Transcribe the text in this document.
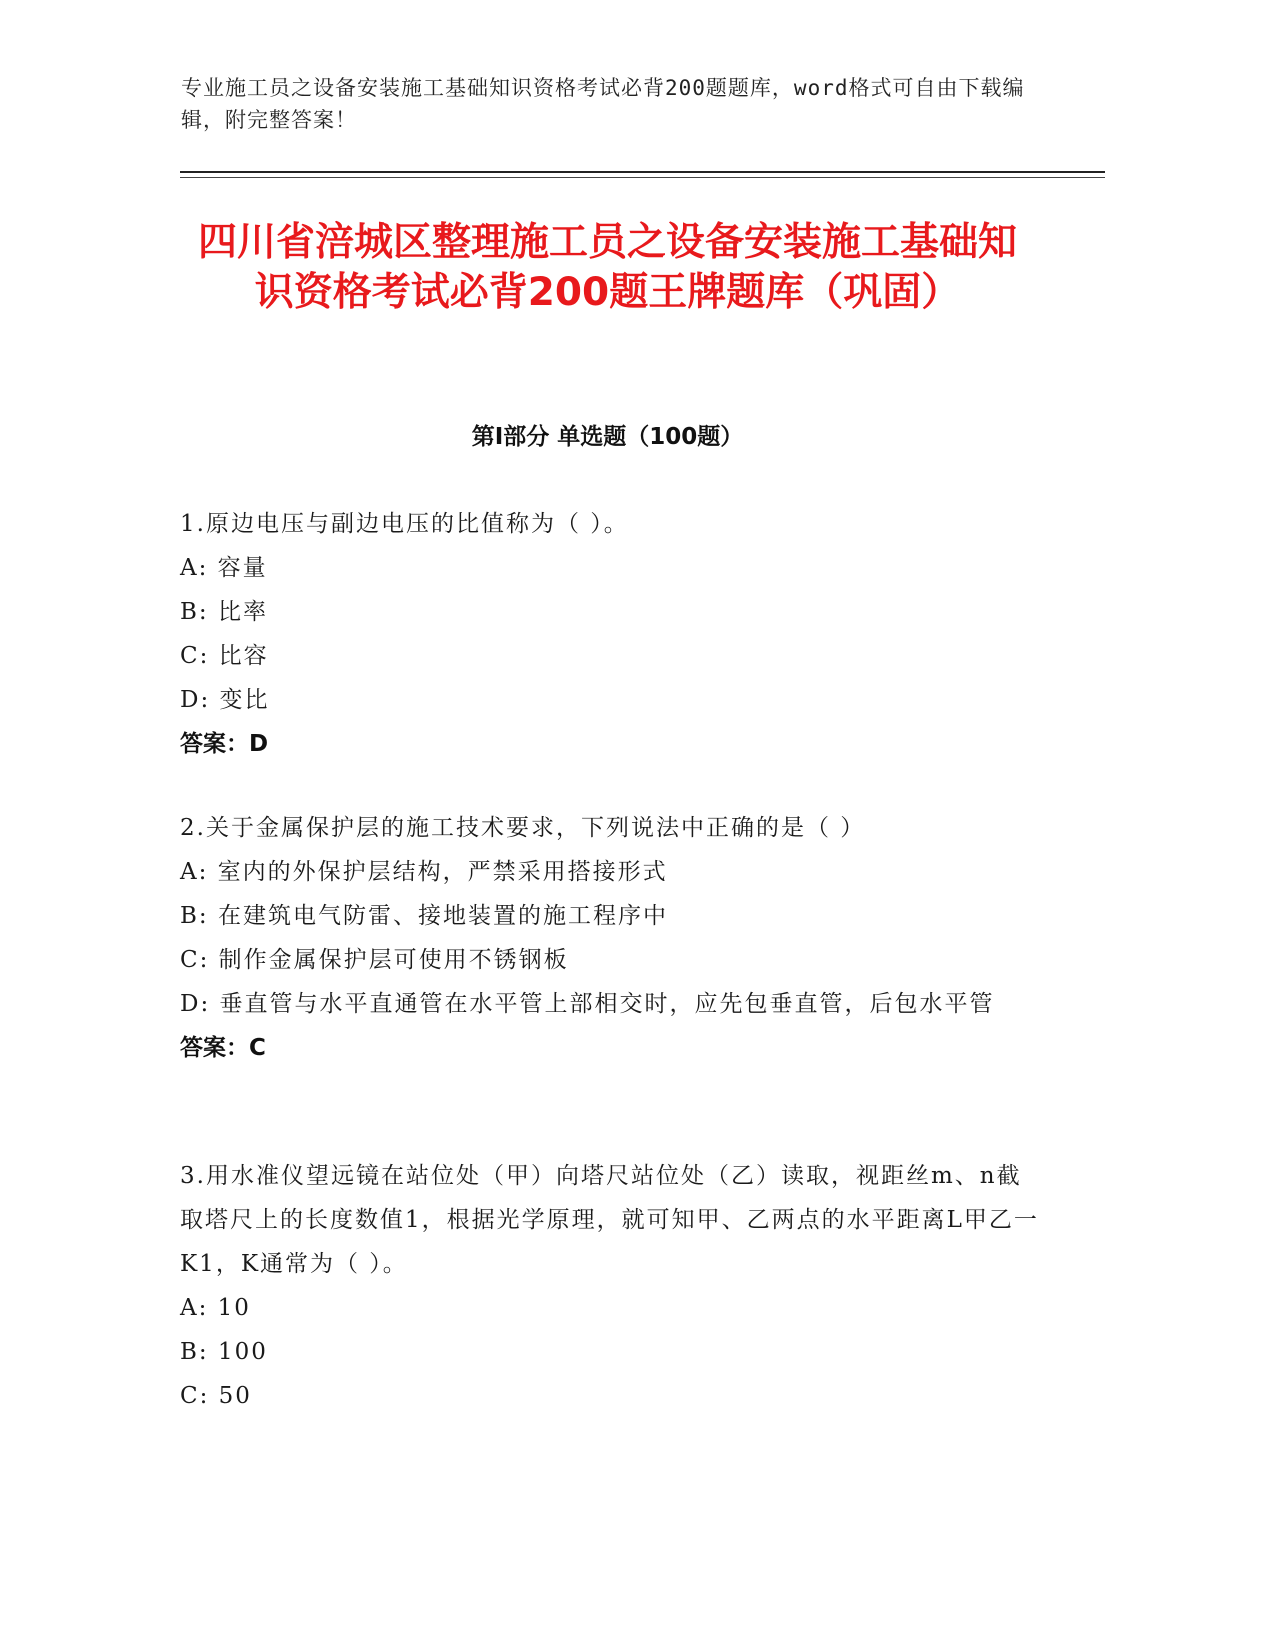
专业施工员之设备安装施工基础知识资格考试必背200题题库，word格式可自由下载编辑，附完整答案！
四川省涪城区整理施工员之设备安装施工基础知识资格考试必背200题王牌题库（巩固）
第I部分 单选题（100题）
1.原边电压与副边电压的比值称为（ ）。
A: 容量
B: 比率
C: 比容
D: 变比
答案：D
2.关于金属保护层的施工技术要求，下列说法中正确的是（ ）
A: 室内的外保护层结构，严禁采用搭接形式
B: 在建筑电气防雷、接地装置的施工程序中
C: 制作金属保护层可使用不锈钢板
D: 垂直管与水平直通管在水平管上部相交时，应先包垂直管，后包水平管
答案：C
3.用水准仪望远镜在站位处（甲）向塔尺站位处（乙）读取，视距丝m、n截取塔尺上的长度数值1，根据光学原理，就可知甲、乙两点的水平距离L甲乙一K1，K通常为（ ）。
A: 10
B: 100
C: 50
